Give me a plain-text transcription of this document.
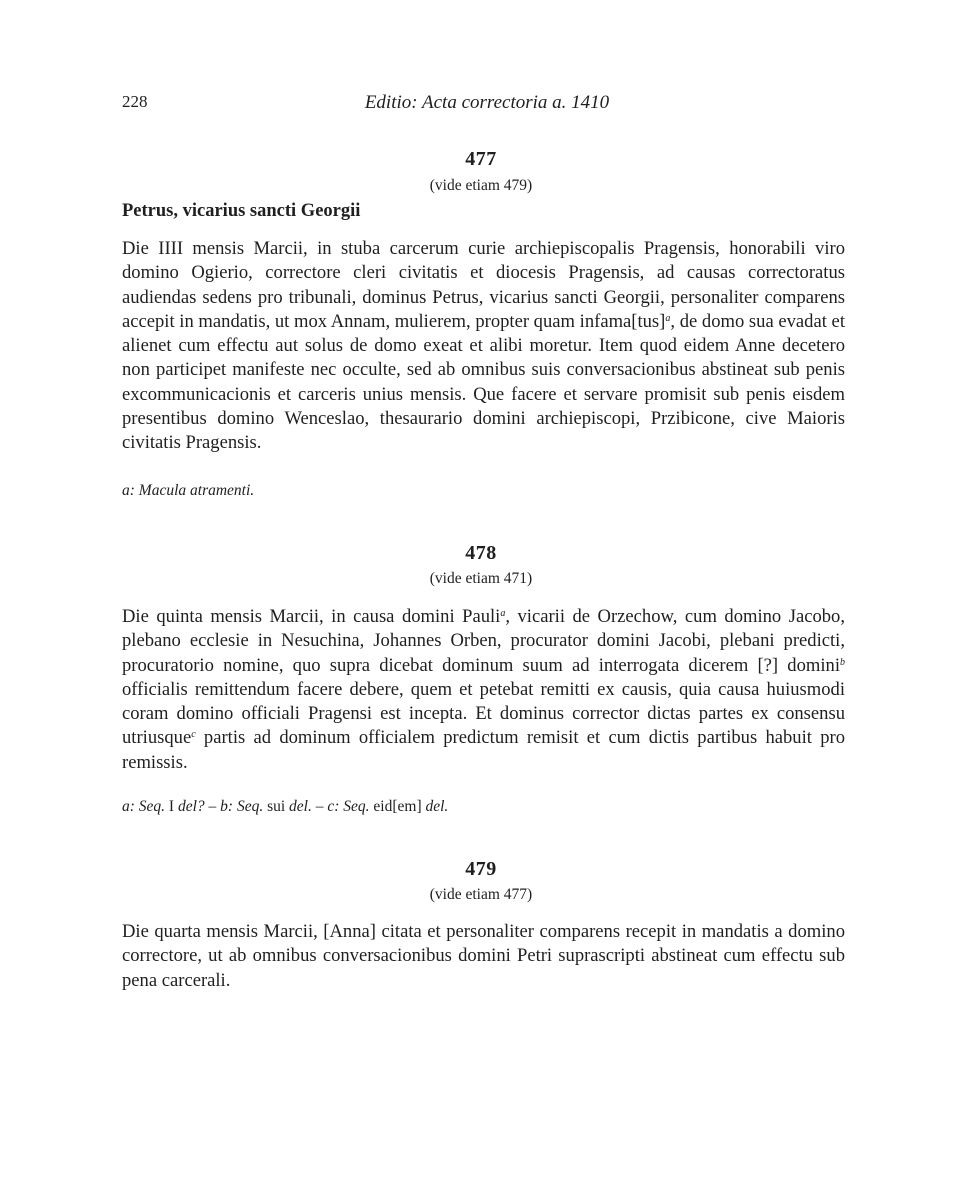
228	Editio: Acta correctoria a. 1410
477
(vide etiam 479)
Petrus, vicarius sancti Georgii

Die IIII mensis Marcii, in stuba carcerum curie archiepiscopalis Pragensis, honorabili viro domino Ogierio, correctore cleri civitatis et diocesis Pragensis, ad causas correctoratus audiendas sedens pro tribunali, dominus Petrus, vicarius sancti Georgii, personaliter comparens accepit in mandatis, ut mox Annam, mulierem, propter quam infama[tus]$^a$, de domo sua evadat et alienet cum effectu aut solus de domo exeat et alibi moretur. Item quod eidem Anne decetero non participet manifeste nec occulte, sed ab omnibus suis conversacionibus abstineat sub penis excommunicacionis et carceris unius mensis. Que facere et servare promisit sub penis eisdem presentibus domino Wenceslao, thesaurario domini archiepiscopi, Przibicone, cive Maioris civitatis Pragensis.

a: Macula atramenti.

478
(vide etiam 471)

Die quinta mensis Marcii, in causa domini Pauli$^a$, vicarii de Orzechow, cum domino Jacobo, plebano ecclesie in Nesuchina, Johannes Orben, procurator domini Jacobi, plebani predicti, procuratorio nomine, quo supra dicebat dominum suum ad interrogata dicerem [?] domini$^b$ officialis remittendum facere debere, quem et petebat remitti ex causis, quia causa huiusmodi coram domino officiali Pragensi est incepta. Et dominus corrector dictas partes ex consensu utriusque$^c$ partis ad dominum officialem predictum remisit et cum dictis partibus habuit pro remissis.

a: Seq. I del? – b: Seq. sui del. – c: Seq. eid[em] del.

479
(vide etiam 477)

Die quarta mensis Marcii, [Anna] citata et personaliter comparens recepit in mandatis a domino correctore, ut ab omnibus conversacionibus domini Petri suprascripti abstineat cum effectu sub pena carcerali.
